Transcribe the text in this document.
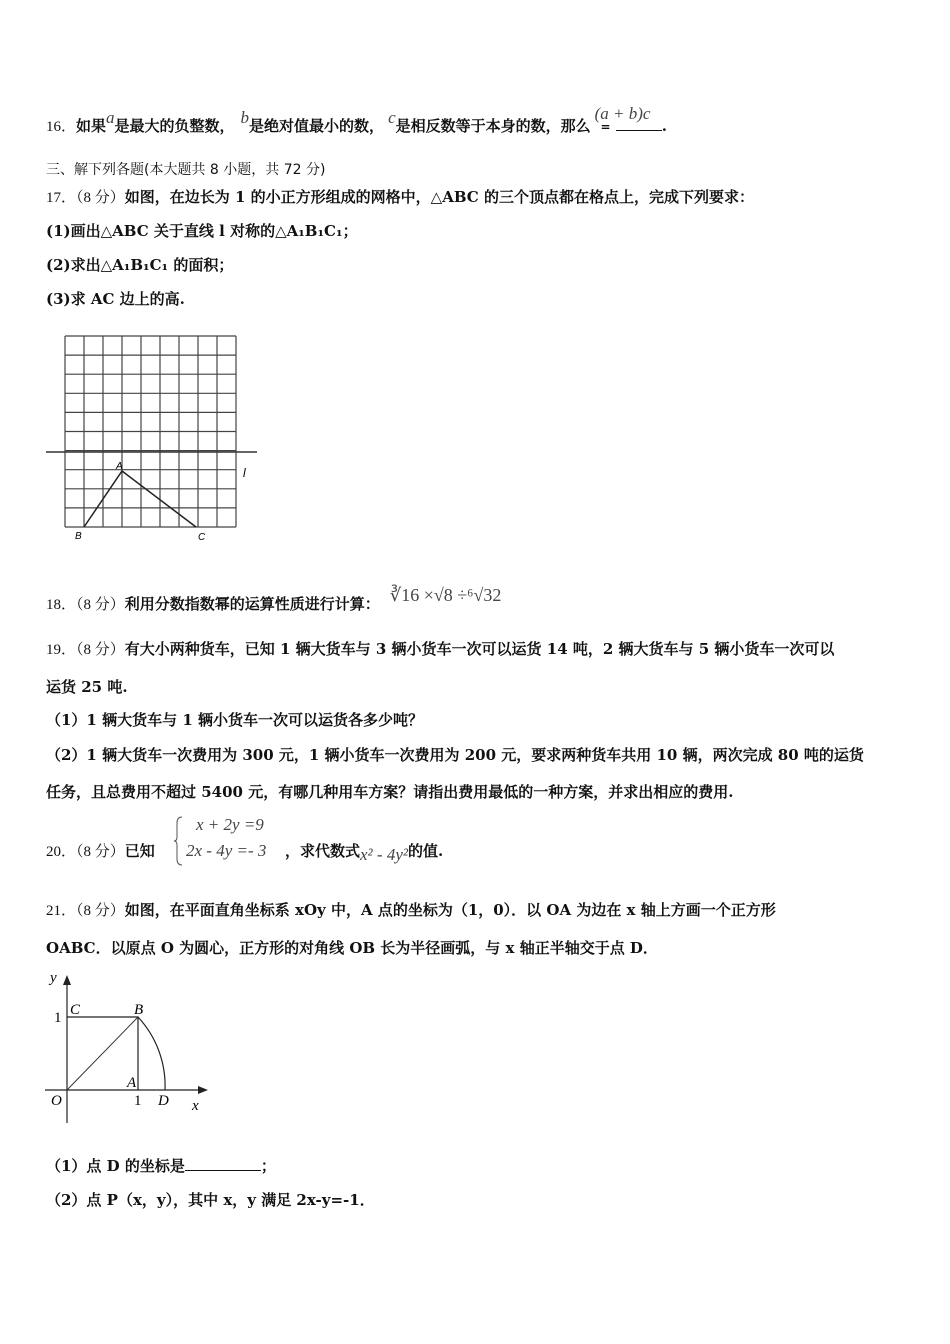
16．如果a是最大的负整数， b是绝对值最小的数， c是相反数等于本身的数，那么(a + b)c=	.
三、解下列各题(本大题共 8 小题，共 72 分)
17．（8 分）如图，在边长为 1 的小正方形组成的网格中，△ABC 的三个顶点都在格点上，完成下列要求：
(1)画出△ABC 关于直线 l 对称的△A₁B₁C₁；
(2)求出△A₁B₁C₁ 的面积；
(3)求 AC 边上的高.
A
B	C
l
18．（8 分）利用分数指数幂的运算性质进行计算： ∛16 ×√8 ÷⁶√32
19．（8 分）有大小两种货车，已知 1 辆大货车与 3 辆小货车一次可以运货 14 吨，2 辆大货车与 5 辆小货车一次可以
运货 25 吨.
（1）1 辆大货车与 1 辆小货车一次可以运货各多少吨？
（2）1 辆大货车一次费用为 300 元，1 辆小货车一次费用为 200 元，要求两种货车共用 10 辆，两次完成 80 吨的运货
任务，且总费用不超过 5400 元，有哪几种用车方案？请指出费用最低的一种方案，并求出相应的费用.
20．（8 分）已知
x + 2y =9
2x - 4y =- 3 ，求代数式x² - 4y²的值.
21．（8 分）如图，在平面直角坐标系 xOy 中，A 点的坐标为（1，0）．以 OA 为边在 x 轴上方画一个正方形
OABC．以原点 O 为圆心，正方形的对角线 OB 长为半径画弧，与 x 轴正半轴交于点 D．
y
x
O
A
B
C
D
1
1
（1）点 D 的坐标是	；
（2）点 P（x，y），其中 x，y 满足 2x-y=-1．
